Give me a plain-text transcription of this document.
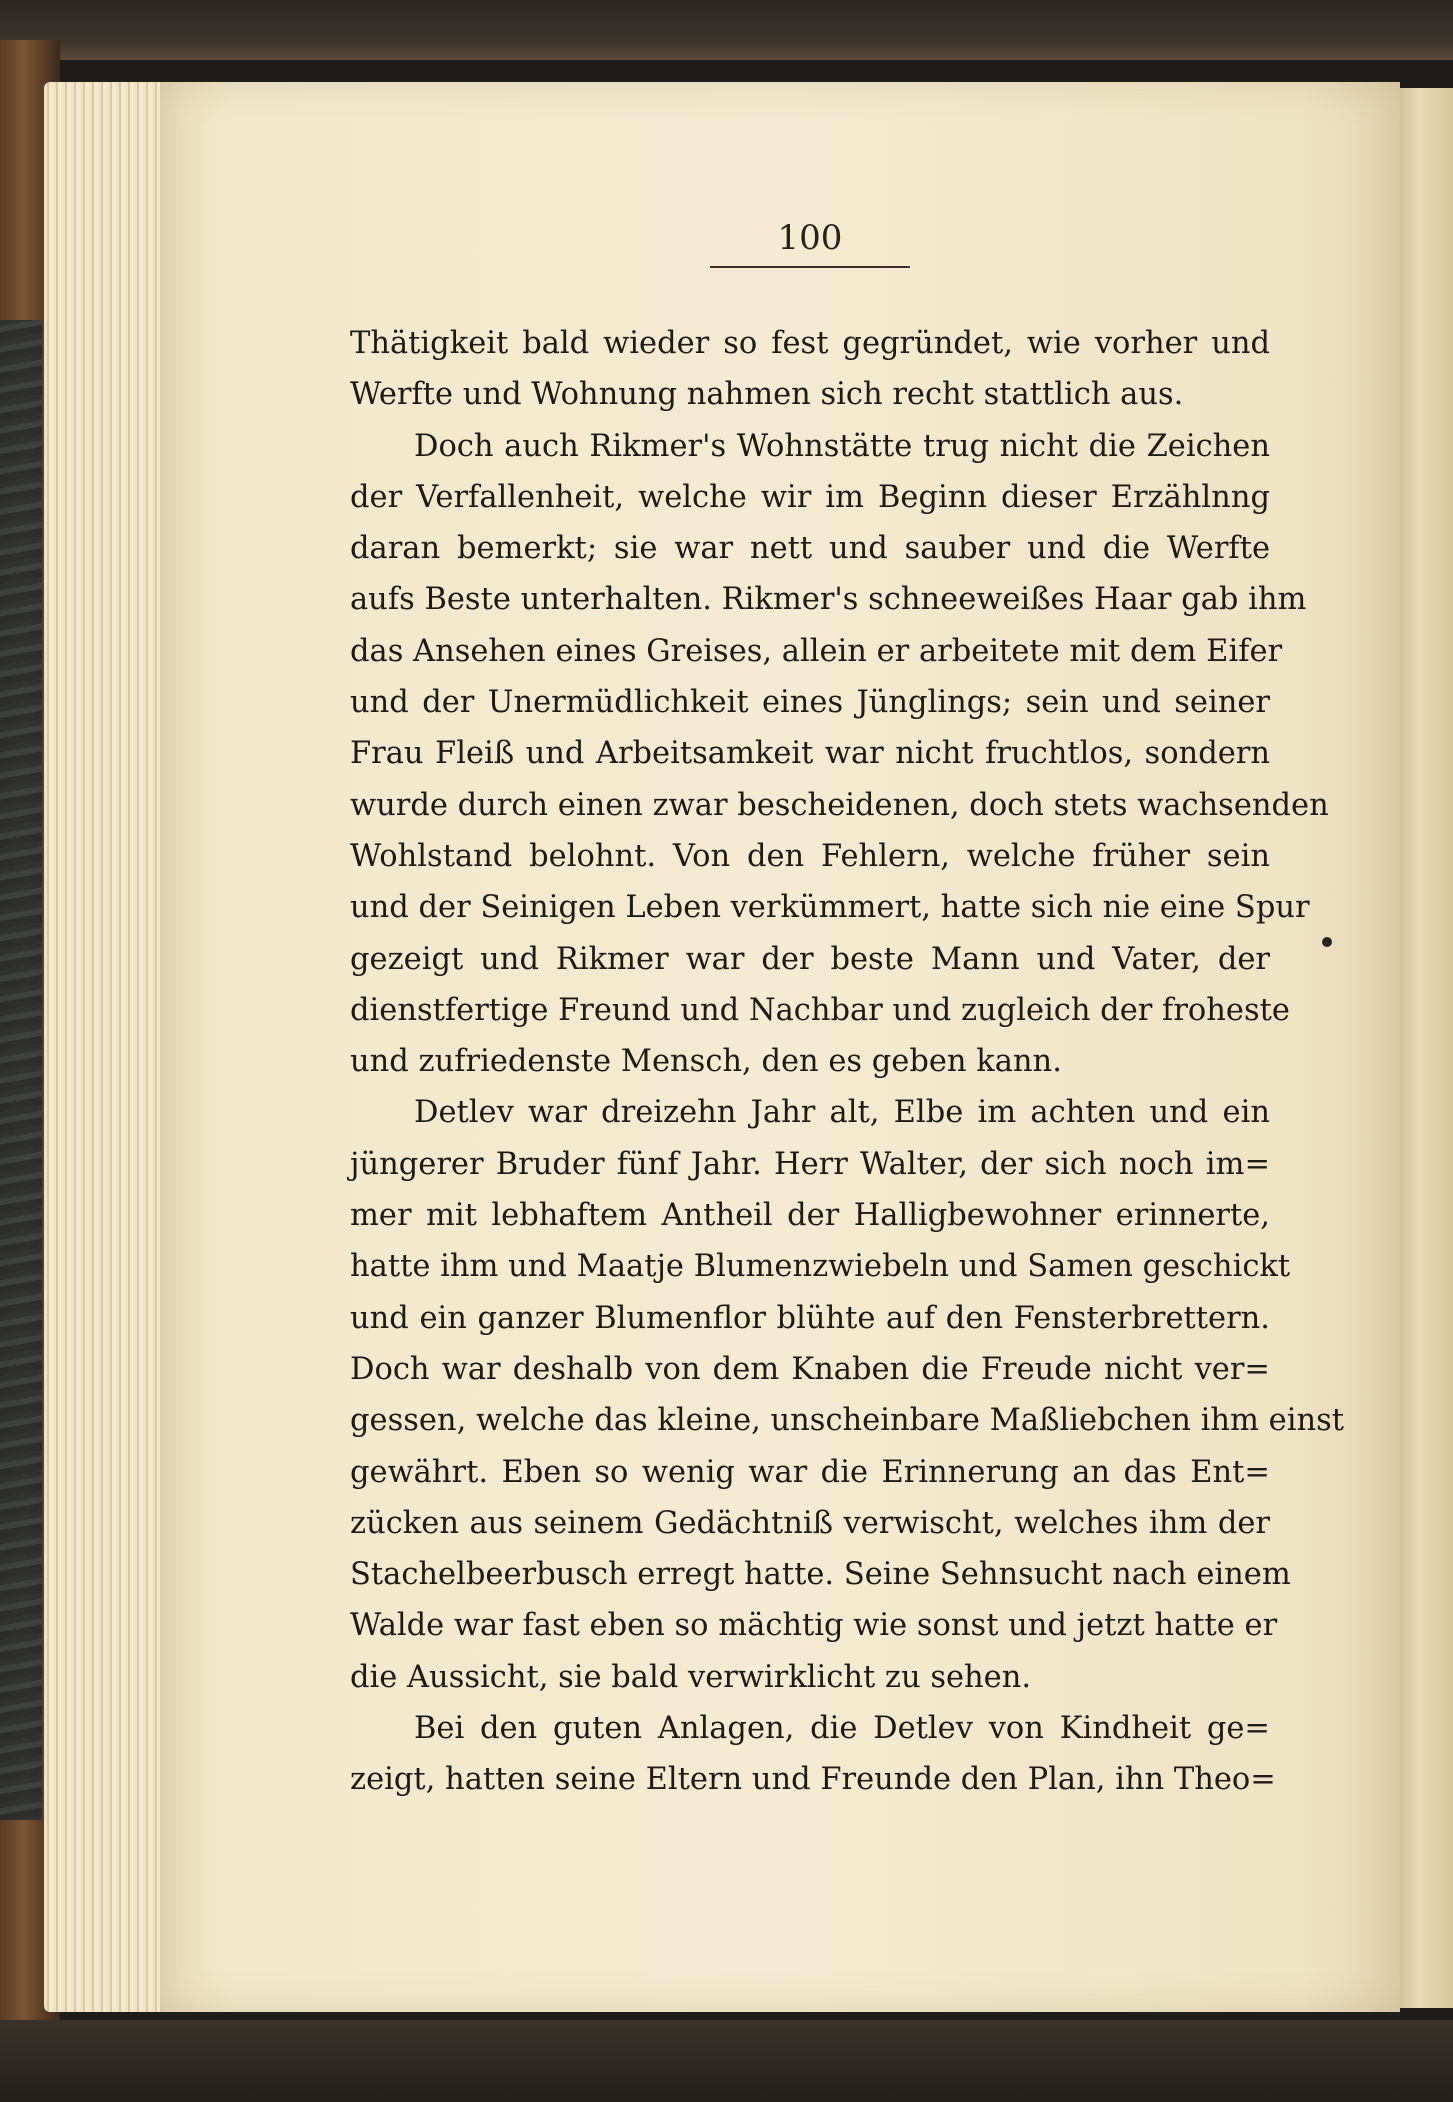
100
Thätigkeit bald wieder so fest gegründet, wie vorher und
Werfte und Wohnung nahmen sich recht stattlich aus.
Doch auch Rikmer's Wohnstätte trug nicht die Zeichen
der Verfallenheit, welche wir im Beginn dieser Erzählnng
daran bemerkt; sie war nett und sauber und die Werfte
aufs Beste unterhalten. Rikmer's schneeweißes Haar gab ihm
das Ansehen eines Greises, allein er arbeitete mit dem Eifer
und der Unermüdlichkeit eines Jünglings; sein und seiner
Frau Fleiß und Arbeitsamkeit war nicht fruchtlos, sondern
wurde durch einen zwar bescheidenen, doch stets wachsenden
Wohlstand belohnt. Von den Fehlern, welche früher sein
und der Seinigen Leben verkümmert, hatte sich nie eine Spur
gezeigt und Rikmer war der beste Mann und Vater, der
dienstfertige Freund und Nachbar und zugleich der froheste
und zufriedenste Mensch, den es geben kann.
Detlev war dreizehn Jahr alt, Elbe im achten und ein
jüngerer Bruder fünf Jahr. Herr Walter, der sich noch im=
mer mit lebhaftem Antheil der Halligbewohner erinnerte,
hatte ihm und Maatje Blumenzwiebeln und Samen geschickt
und ein ganzer Blumenflor blühte auf den Fensterbrettern.
Doch war deshalb von dem Knaben die Freude nicht ver=
gessen, welche das kleine, unscheinbare Maßliebchen ihm einst
gewährt. Eben so wenig war die Erinnerung an das Ent=
zücken aus seinem Gedächtniß verwischt, welches ihm der
Stachelbeerbusch erregt hatte. Seine Sehnsucht nach einem
Walde war fast eben so mächtig wie sonst und jetzt hatte er
die Aussicht, sie bald verwirklicht zu sehen.
Bei den guten Anlagen, die Detlev von Kindheit ge=
zeigt, hatten seine Eltern und Freunde den Plan, ihn Theo=
